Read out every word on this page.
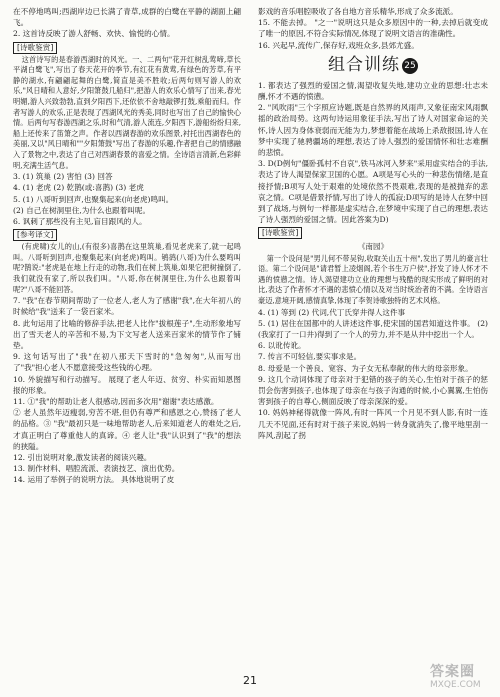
在不停地鸣叫;西湖岸边已长满了青草,成群的白鹭在平静的湖面上翩飞。

2. 这首诗反映了游人舒畅、欢快、愉悦的心情。

[诗歌鉴赏]

这首诗写的是春游西湖时的风光。一、二两句"花开红树乱莺啼,草长平湖白鹭飞",写出了春天花开的季节,有红花有黄莺,有绿色的芳草,有平静的湖水,有翩翩起舞的白鹭,简直是美不胜收;后两句则写游人的欢乐,"风日晴和人意好,夕阳箫鼓几船归",把游人的欢乐心情写了出来,春光明媚,游人兴致勃勃,直到夕阳西下,还依依不舍地敲锣打鼓,乘船而归。作者写游人的欢乐,正是表现了西湖风光的秀美,同时也写出了自己的愉快心情。后两句写春游西湖之乐,时和气清,游人流连,夕阳西下,游船纷纷归来,船上还传来了笛箫之声。作者以西湖春游的欢乐图景,衬托出西湖春色的美丽,又以"风日晴和""夕阳箫鼓"写出了春游的乐趣,作者把自己的情感融入了景物之中,表达了自己对西湖春景的喜爱之情。全诗语言清新,色彩鲜明,充满生活气息。

3. (1) 筑巢 (2) 害怕 (3) 回答

4. (1) 老虎 (2) 乾鹊(或:喜鹊) (3) 老虎

5. (1) 八哥听到回声,也聚集起来(向老虎)鸣叫。

(2) 自己在树洞里住,为什么也跟着叫呢。

6. 讽刺了那些没有主见,盲目跟风的人。

[参考译文]

(有虎啸)女儿的山,(有很多)喜鹊在这里筑巢,看见老虎来了,就一起鸣叫。八哥听到回声,也聚集起来(向老虎)鸣叫。鸲鹆(八哥)为什么要鸣叫呢?鹊说:"老虎是在地上行走的动物,我们在树上筑巢,如果它把树撞倒了,我们就没有家了,所以我们叫。"八哥,你在树洞里住,为什么也跟着叫呢?"八哥不能回答。

7. "我"在春节期间帮助了一位老人,老人为了感谢"我",在大年初八的时候给"我"送来了一袋百家米。

8. 此句运用了比喻的修辞手法,把老人比作"拔根莲子",生动形象地写出了雪天老人的辛苦和不易,为下文写老人送来百家米的情节作了铺垫。

9. 这句话写出了"我"在初八那天下雪时的"急匆匆",从而写出了"我"担心老人不愿意接受这些钱的心理。

10. 外貌描写和行动描写。 展现了老人年迈、贫穷、朴实而知恩图报的形象。

11. ①"我"的帮助让老人很感动,因而多次用"谢谢"表达感激。

② 老人虽然年迈瘦弱,穷苦不堪,但仍有尊严和感恩之心,赞扬了老人的品格。③ "我"最初只是一味地帮助老人,后来知道老人的难处之后,才真正明白了尊重他人的真谛。④ 老人让"我"认识到了"我"的想法的狭隘。

12. 引出说明对象,激发读者的阅读兴趣。

13. 制作材料、唱腔流派、表演技艺、演出优势。

14. 运用了举例子的说明方法。 具体地说明了皮

影戏的音乐唱腔吸收了各自地方音乐精华,形成了众多流派。

15. 不能去掉。 "之一"说明这只是众多原因中的一种,去掉后就变成了唯一的原因,不符合实际情况,体现了说明文语言的准确性。

16. 兴起早,流传广,保存好,戏班众多,县郊尤盛。

组合训练 25

1. 都表达了强烈的爱国之情,渴望收复失地,建功立业的思想:壮志未酬,怀才不遇的愤懑。

2. "风吹雨"三个字照应诗题,既是自然界的风雨声,又象征南宋风雨飘摇的政治局势。这两句诗运用象征手法,写出了诗人对国家命运的关怀,诗人因为身体衰弱而无能为力,梦想着能在战场上杀敌报国,诗人在梦中实现了驰骋疆场的理想,表达了诗人强烈的爱国情怀和壮志难酬的悲愤。

3. D(D例句"僵卧孤村不自哀",铁马冰河入梦来"采用虚实结合的手法,表达了诗人渴望保家卫国的心愿。A项是写心头的一种悲伤情绪,是直接抒情;B项写人处于艰难的处境依然不畏艰难,表现的是被抛弃的悲哀之情。C项是借景抒情,写出了诗人的孤寂;D项写的是诗人在梦中回到了战场,与例句一样都是虚实结合,在梦境中实现了自己的理想,表达了诗人强烈的爱国之情。因此答案为D)

[诗歌鉴赏]
《南园》

第一个设问是"男儿何不带吴钩,收取关山五十州",发出了男儿的豪言壮语。第二个设问是"请君暂上凌烟阁,若个书生万户侯",抒发了诗人怀才不遇的愤懑之情。诗人渴望建功立业的理想与残酷的现实形成了鲜明的对比,表达了作者怀才不遇的悲愤心情以及对当时统治者的不满。全诗语言豪迈,意境开阔,感情真挚,体现了李贺诗歌独特的艺术风格。

4. (1) 等到 (2) 代词,代丁氏穿井得人这件事

5. (1) 居住在国都中的人讲述这件事,使宋国的国君知道这件事。 (2) (我家打了一口井)得到了一个人的劳力,并不是从井中挖出一个人。

6. 以讹传讹。

7. 传言不可轻信,要实事求是。

8. 母爱是一个善良、宽容、为子女无私奉献的伟大的母亲形象。

9. 这几个动词体现了母亲对于犯错的孩子的关心,生怕对于孩子的惩罚会伤害到孩子,也体现了母亲在与孩子沟通的时候,小心翼翼,生怕伤害到孩子的自尊心,侧面反映了母亲深深的爱。

10. 妈妈神秘得就像一阵风,有时一阵风一个月见不到人影,有时一连几天不见面,还有时对于孩子来说,妈妈一转身就消失了,像平地里刮一阵风,刮起了拐

21
答案圈
MXQE.COM
